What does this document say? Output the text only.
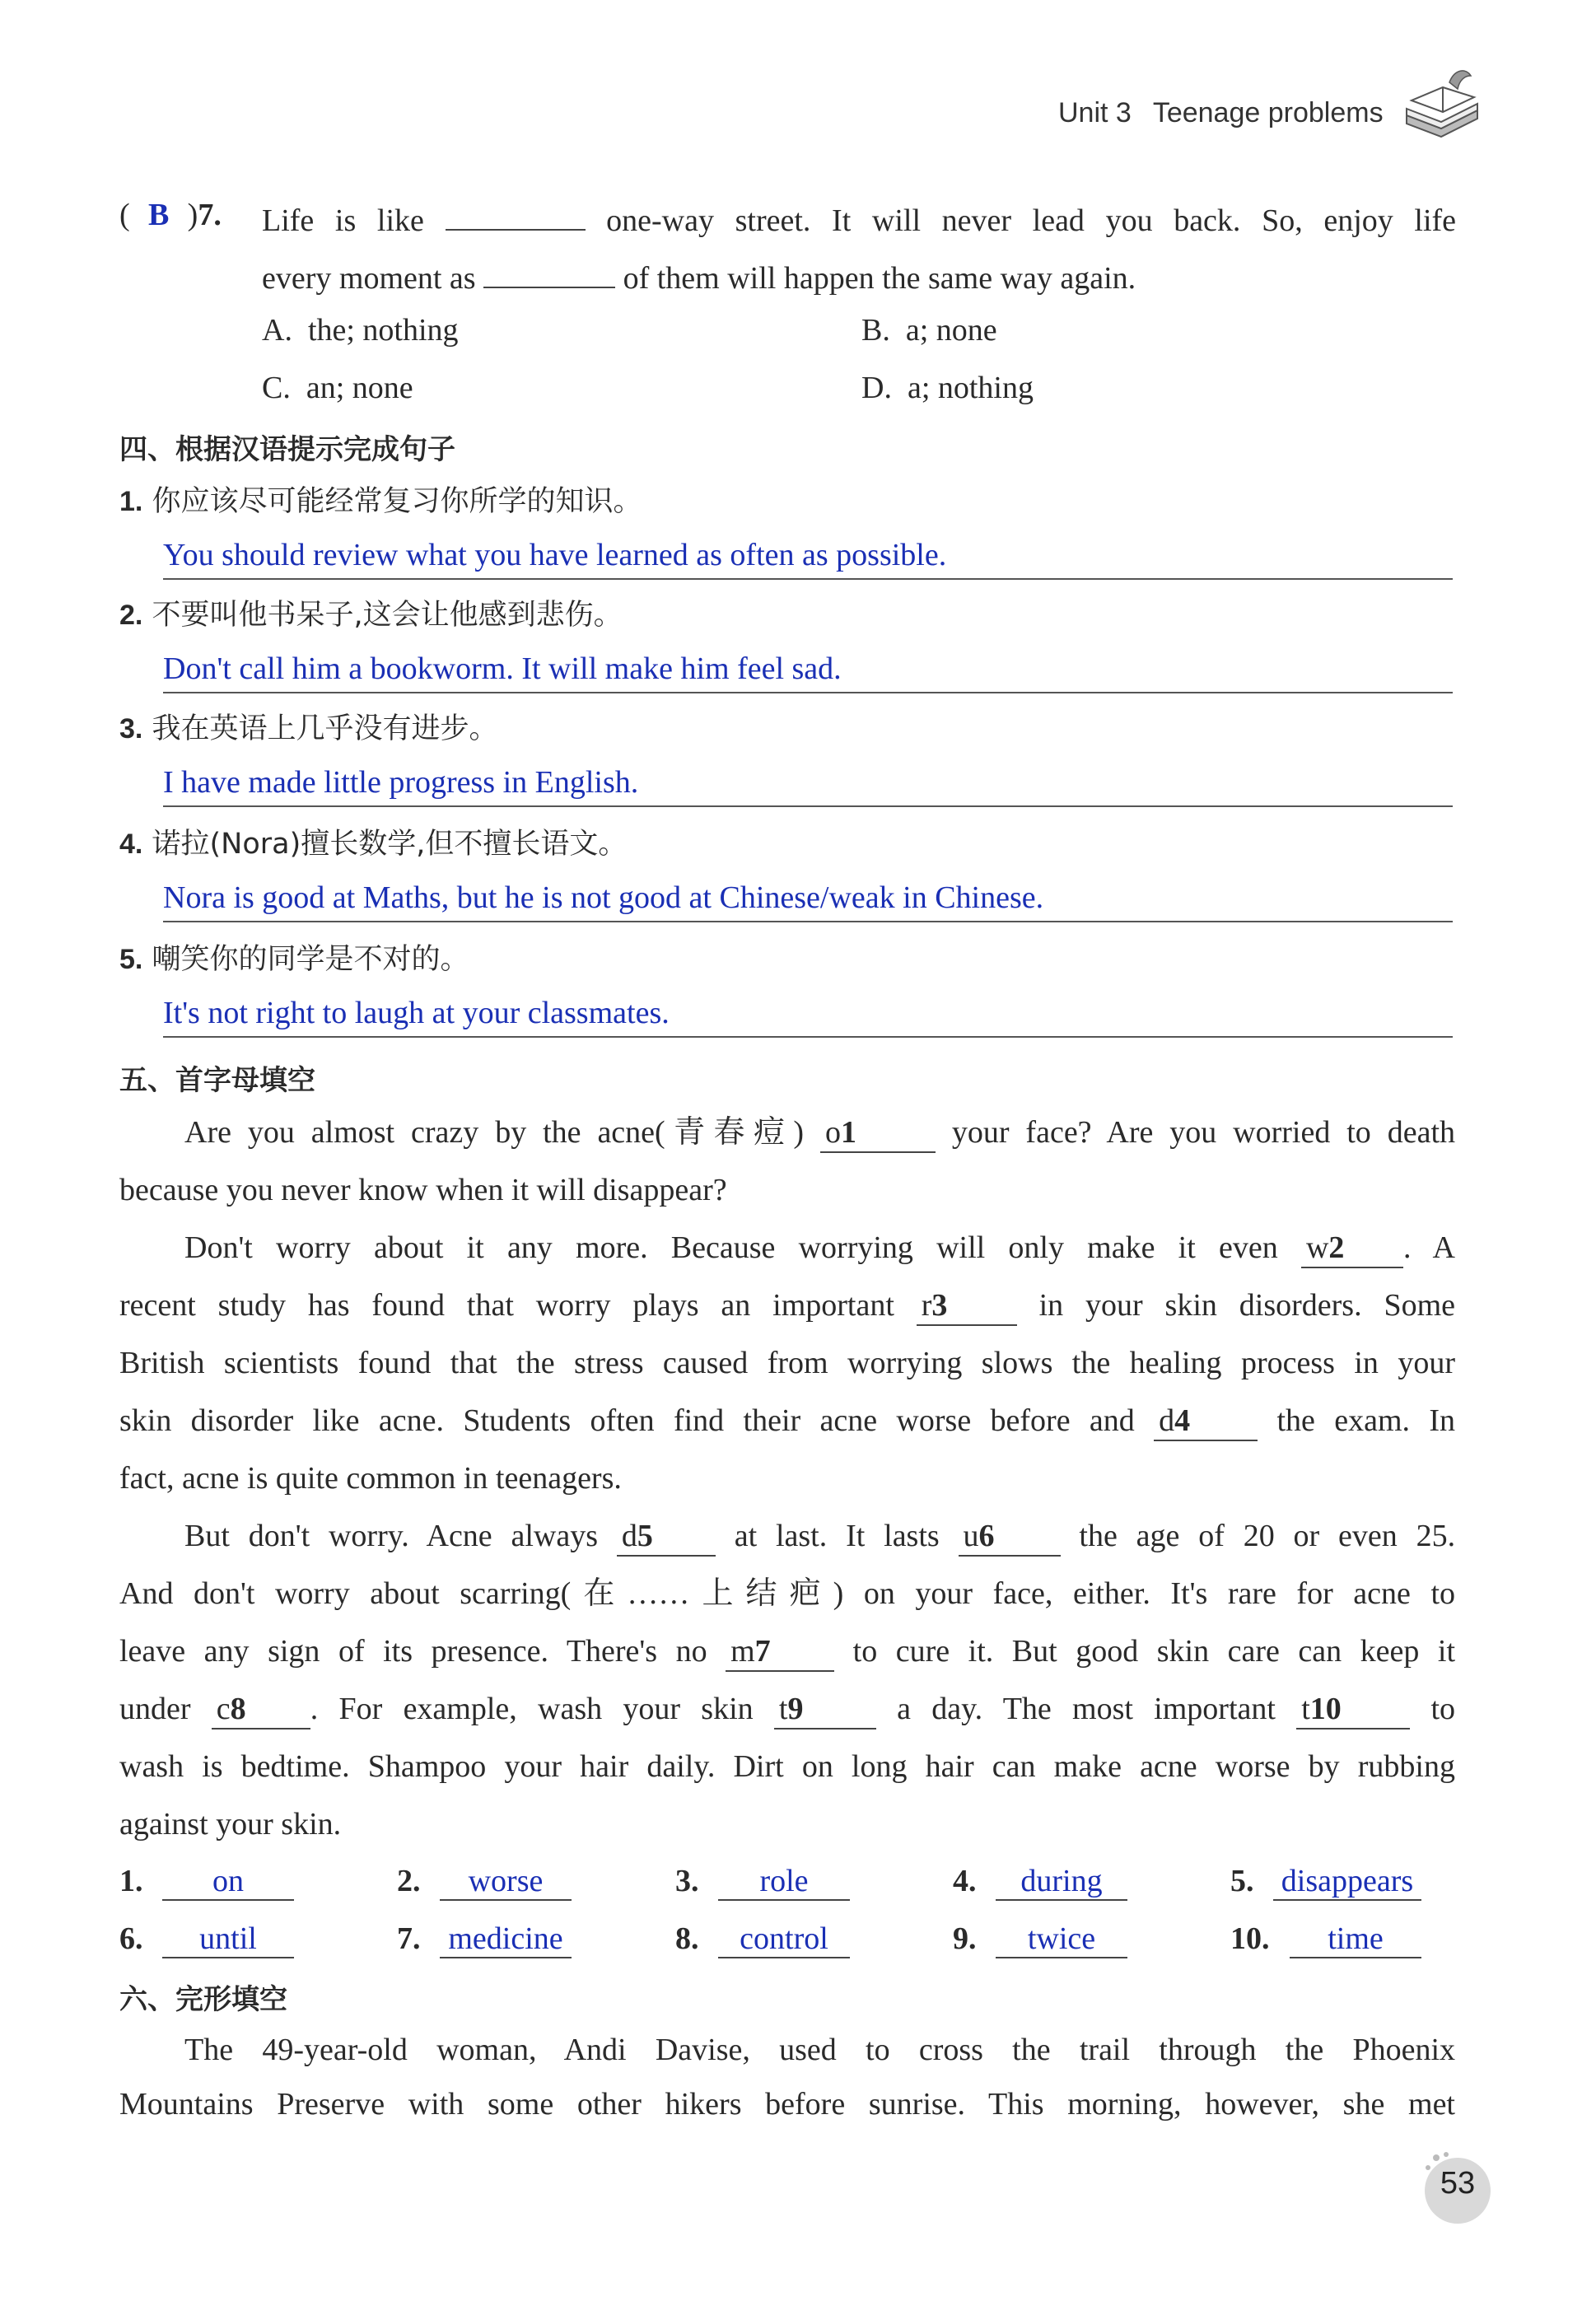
Unit 3 Teenage problems
( B )7. Life is like	one-way street. It will never lead you back. So, enjoy life
every moment as	of them will happen the same way again.
A. the; nothing	B. a; none
C. an; none	D. a; nothing
四、根据汉语提示完成句子
1. 你应该尽可能经常复习你所学的知识。
You should review what you have learned as often as possible.
2. 不要叫他书呆子,这会让他感到悲伤。
Don't call him a bookworm. It will make him feel sad.
3. 我在英语上几乎没有进步。
I have made little progress in English.
4. 诺拉(Nora)擅长数学,但不擅长语文。
Nora is good at Maths, but he is not good at Chinese/weak in Chinese.
5. 嘲笑你的同学是不对的。
It's not right to laugh at your classmates.
五、首字母填空
Are you almost crazy by the acne(青春痘) o1	your face? Are you worried to death
because you never know when it will disappear?
Don't worry about it any more. Because worrying will only make it even w2 . A
recent study has found that worry plays an important r3	in your skin disorders. Some
British scientists found that the stress caused from worrying slows the healing process in your
skin disorder like acne. Students often find their acne worse before and d4	the exam. In
fact, acne is quite common in teenagers.
But don't worry. Acne always d5	at last. It lasts u6	the age of 20 or even 25.
And don't worry about scarring(在……上结疤) on your face, either. It's rare for acne to
leave any sign of its presence. There's no m7	to cure it. But good skin care can keep it
under c8 . For example, wash your skin t9	a day. The most important t10	to
wash is bedtime. Shampoo your hair daily. Dirt on long hair can make acne worse by rubbing
against your skin.
1. on	2. worse	3. role	4. during	5. disappears
6. until	7. medicine	8. control	9. twice	10. time
六、完形填空
The 49-year-old woman, Andi Davise, used to cross the trail through the Phoenix
Mountains Preserve with some other hikers before sunrise. This morning, however, she met
53
